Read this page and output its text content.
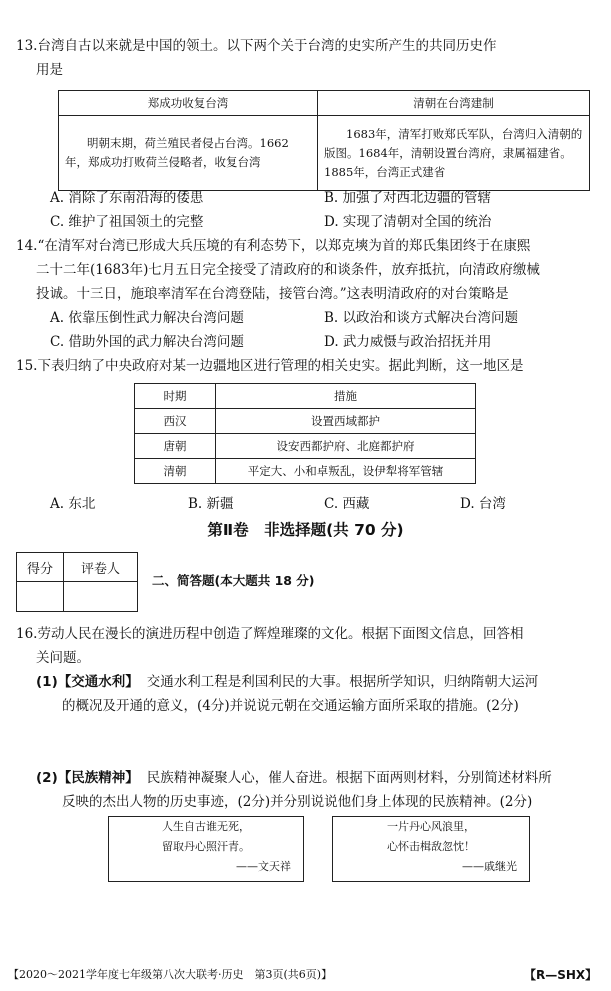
13.台湾自古以来就是中国的领土。以下两个关于台湾的史实所产生的共同历史作
用是
郑成功收复台湾	清朝在台湾建制
明朝末期，荷兰殖民者侵占台湾。1662年，郑成功打败荷兰侵略者，收复台湾	1683年，清军打败郑氏军队，台湾归入清朝的版图。1684年，清朝设置台湾府，隶属福建省。1885年，台湾正式建省
A. 消除了东南沿海的倭患	B. 加强了对西北边疆的管辖
C. 维护了祖国领土的完整	D. 实现了清朝对全国的统治
14.“在清军对台湾已形成大兵压境的有利态势下，以郑克塽为首的郑氏集团终于在康熙
二十二年(1683年)七月五日完全接受了清政府的和谈条件，放弃抵抗，向清政府缴械
投诚。十三日，施琅率清军在台湾登陆，接管台湾。”这表明清政府的对台策略是
A. 依靠压倒性武力解决台湾问题	B. 以政治和谈方式解决台湾问题
C. 借助外国的武力解决台湾问题	D. 武力威慑与政治招抚并用
15.下表归纳了中央政府对某一边疆地区进行管理的相关史实。据此判断，这一地区是
时期	措施
西汉	设置西域都护
唐朝	设安西都护府、北庭都护府
清朝	平定大、小和卓叛乱，设伊犁将军管辖
A. 东北	B. 新疆	C. 西藏	D. 台湾
第Ⅱ卷　非选择题(共 70 分)
得分	评卷人

二、简答题(本大题共 18 分)
16.劳动人民在漫长的演进历程中创造了辉煌璀璨的文化。根据下面图文信息，回答相
关问题。
(1)【交通水利】 交通水利工程是利国利民的大事。根据所学知识，归纳隋朝大运河
的概况及开通的意义，(4分)并说说元朝在交通运输方面所采取的措施。(2分)
(2)【民族精神】 民族精神凝聚人心，催人奋进。根据下面两则材料，分别简述材料所
反映的杰出人物的历史事迹，(2分)并分别说说他们身上体现的民族精神。(2分)
人生自古谁无死，
留取丹心照汗青。
——文天祥
一片丹心风浪里，
心怀击楫敌忽忱！
——戚继光
【2020～2021学年度七年级第八次大联考·历史　第3页(共6页)】	【R—SHX】
